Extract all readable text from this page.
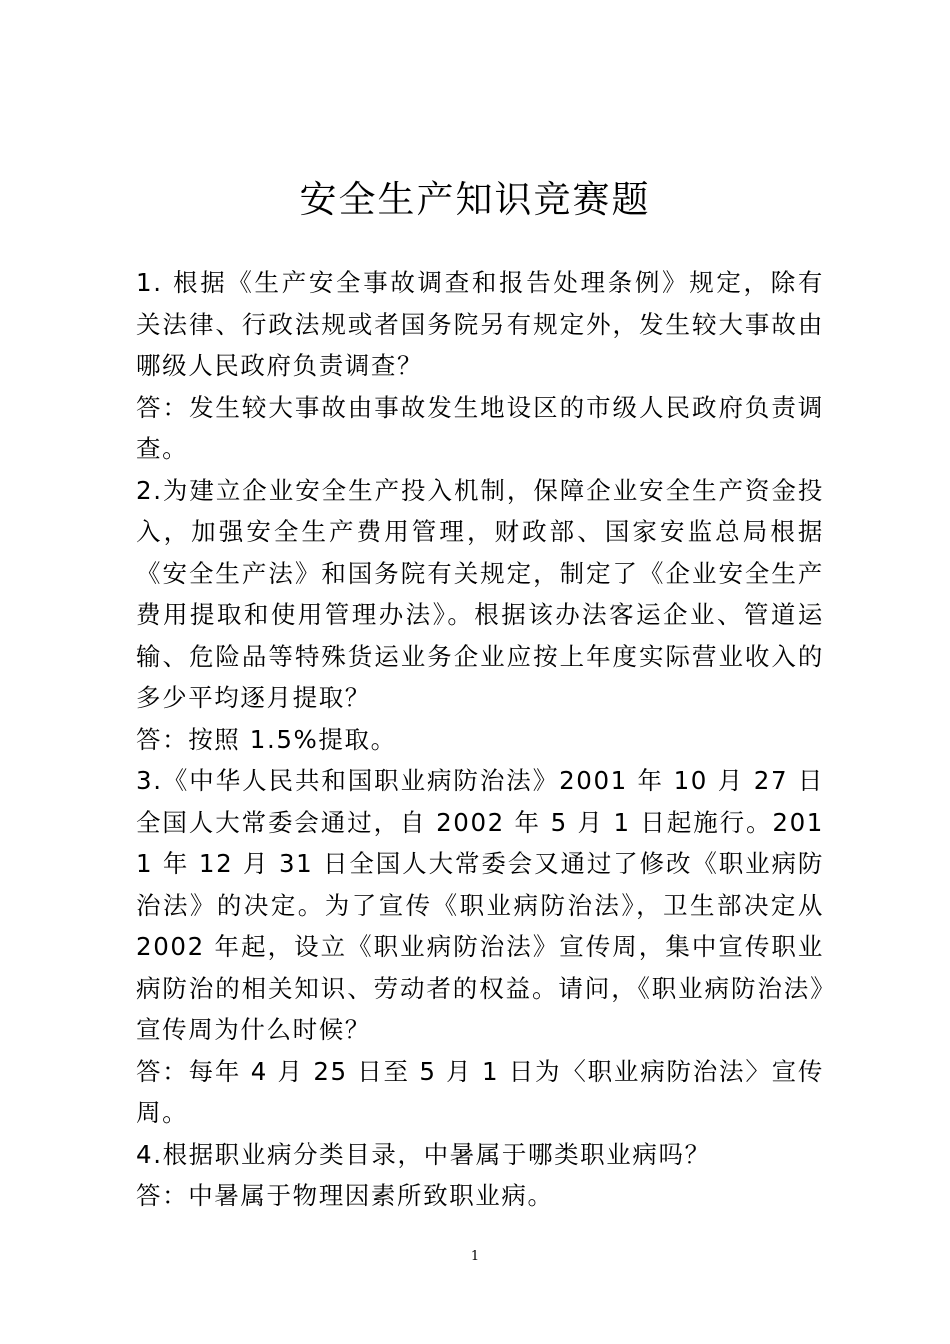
安全生产知识竞赛题

1. 根据《生产安全事故调查和报告处理条例》规定，除有关法律、行政法规或者国务院另有规定外，发生较大事故由哪级人民政府负责调查？

答：发生较大事故由事故发生地设区的市级人民政府负责调查。

2.为建立企业安全生产投入机制，保障企业安全生产资金投入，加强安全生产费用管理，财政部、国家安监总局根据《安全生产法》和国务院有关规定，制定了《企业安全生产费用提取和使用管理办法》。根据该办法客运企业、管道运输、危险品等特殊货运业务企业应按上年度实际营业收入的多少平均逐月提取？

答：按照 1.5%提取。

3.《中华人民共和国职业病防治法》2001 年 10 月 27 日全国人大常委会通过，自 2002 年 5 月 1 日起施行。2011 年 12 月 31 日全国人大常委会又通过了修改《职业病防治法》的决定。为了宣传《职业病防治法》，卫生部决定从 2002 年起，设立《职业病防治法》宣传周，集中宣传职业病防治的相关知识、劳动者的权益。请问，《职业病防治法》宣传周为什么时候？

答：每年 4 月 25 日至 5 月 1 日为〈职业病防治法〉宣传周。

4.根据职业病分类目录，中暑属于哪类职业病吗？

答：中暑属于物理因素所致职业病。

1
